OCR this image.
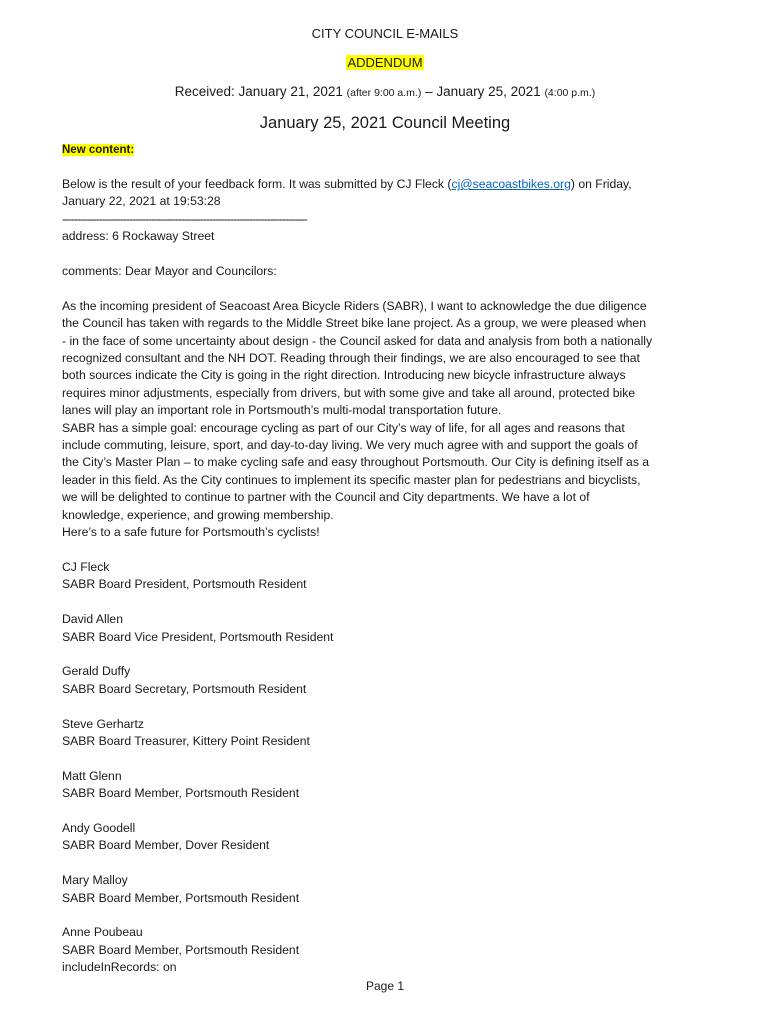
CITY COUNCIL E-MAILS
ADDENDUM
Received: January 21, 2021 (after 9:00 a.m.) – January 25, 2021 (4:00 p.m.)
January 25, 2021 Council Meeting
New content:

Below is the result of your feedback form. It was submitted by CJ Fleck (cj@seacoastbikes.org) on Friday,

January 22, 2021 at 19:53:28

--------------------------------------------------------------------------------

address: 6 Rockaway Street

comments: Dear Mayor and Councilors:

As the incoming president of Seacoast Area Bicycle Riders (SABR), I want to acknowledge the due diligence

the Council has taken with regards to the Middle Street bike lane project. As a group, we were pleased when

- in the face of some uncertainty about design - the Council asked for data and analysis from both a nationally

recognized consultant and the NH DOT. Reading through their findings, we are also encouraged to see that

both sources indicate the City is going in the right direction. Introducing new bicycle infrastructure always

requires minor adjustments, especially from drivers, but with some give and take all around, protected bike

lanes will play an important role in Portsmouth’s multi-modal transportation future.

SABR has a simple goal: encourage cycling as part of our City’s way of life, for all ages and reasons that

include commuting, leisure, sport, and day-to-day living. We very much agree with and support the goals of

the City’s Master Plan – to make cycling safe and easy throughout Portsmouth. Our City is defining itself as a

leader in this field. As the City continues to implement its specific master plan for pedestrians and bicyclists,

we will be delighted to continue to partner with the Council and City departments. We have a lot of

knowledge, experience, and growing membership.

Here’s to a safe future for Portsmouth’s cyclists!

CJ Fleck

SABR Board President, Portsmouth Resident

David Allen

SABR Board Vice President, Portsmouth Resident

Gerald Duffy

SABR Board Secretary, Portsmouth Resident

Steve Gerhartz

SABR Board Treasurer, Kittery Point Resident

Matt Glenn

SABR Board Member, Portsmouth Resident

Andy Goodell

SABR Board Member, Dover Resident

Mary Malloy

SABR Board Member, Portsmouth Resident

Anne Poubeau

SABR Board Member, Portsmouth Resident

includeInRecords: on

Page 1
